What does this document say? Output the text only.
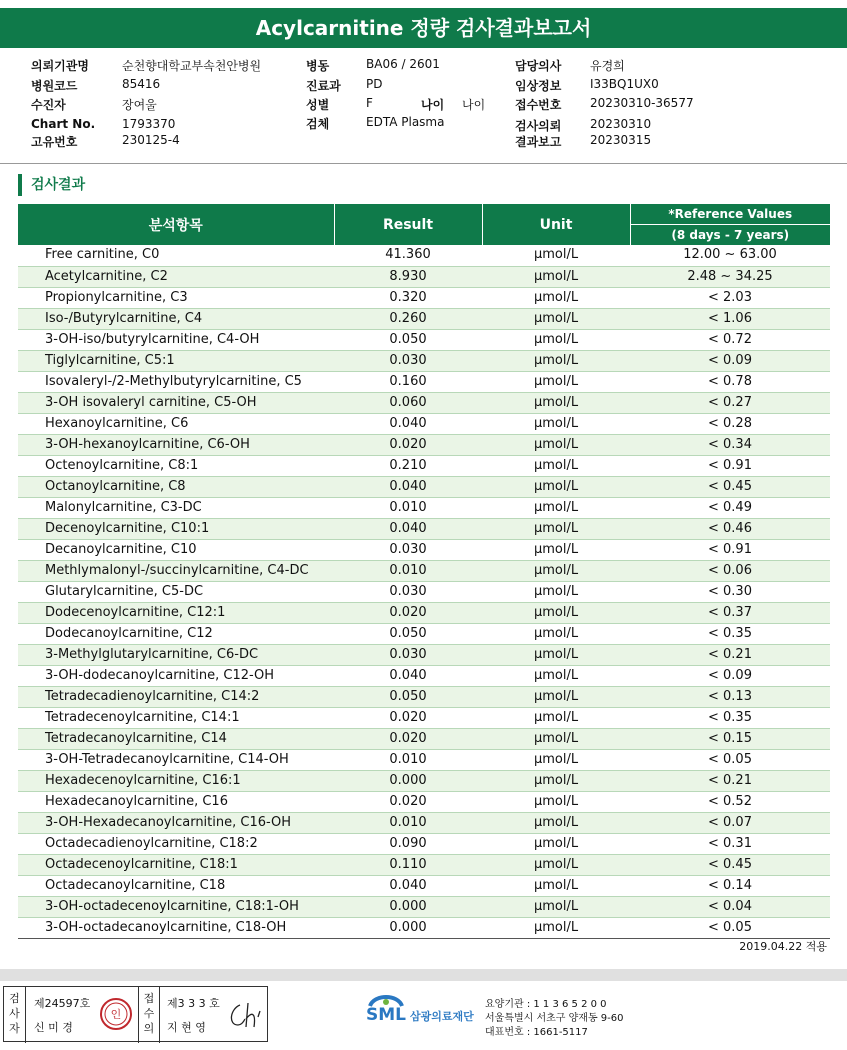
Acylcarnitine 정량 검사결과보고서
의뢰기관명	순천향대학교부속천안병원
병원코드	85416
수진자	장여울
Chart No. 1793370
고유번호	230125-4
병동	BA06 / 2601
진료과 PD
성별	F	나이 나이
검체	EDTA Plasma
담당의사 유경희
임상정보 I33BQ1UX0
접수번호 20230310-36577
검사의뢰 20230310
결과보고 20230315
검사결과
분석항목	Result	Unit	*Reference Values
			(8 days - 7 years)
Free carnitine, C0	41.360	μmol/L	12.00 ~ 63.00
Acetylcarnitine, C2	8.930	μmol/L	2.48 ~ 34.25
Propionylcarnitine, C3	0.320	μmol/L	< 2.03
Iso-/Butyrylcarnitine, C4	0.260	μmol/L	< 1.06
3-OH-iso/butyrylcarnitine, C4-OH	0.050	μmol/L	< 0.72
Tiglylcarnitine, C5:1	0.030	μmol/L	< 0.09
Isovaleryl-/2-Methylbutyrylcarnitine, C5	0.160	μmol/L	< 0.78
3-OH isovaleryl carnitine, C5-OH	0.060	μmol/L	< 0.27
Hexanoylcarnitine, C6	0.040	μmol/L	< 0.28
3-OH-hexanoylcarnitine, C6-OH	0.020	μmol/L	< 0.34
Octenoylcarnitine, C8:1	0.210	μmol/L	< 0.91
Octanoylcarnitine, C8	0.040	μmol/L	< 0.45
Malonylcarnitine, C3-DC	0.010	μmol/L	< 0.49
Decenoylcarnitine, C10:1	0.040	μmol/L	< 0.46
Decanoylcarnitine, C10	0.030	μmol/L	< 0.91
Methlymalonyl-/succinylcarnitine, C4-DC	0.010	μmol/L	< 0.06
Glutarylcarnitine, C5-DC	0.030	μmol/L	< 0.30
Dodecenoylcarnitine, C12:1	0.020	μmol/L	< 0.37
Dodecanoylcarnitine, C12	0.050	μmol/L	< 0.35
3-Methylglutarylcarnitine, C6-DC	0.030	μmol/L	< 0.21
3-OH-dodecanoylcarnitine, C12-OH	0.040	μmol/L	< 0.09
Tetradecadienoylcarnitine, C14:2	0.050	μmol/L	< 0.13
Tetradecenoylcarnitine, C14:1	0.020	μmol/L	< 0.35
Tetradecanoylcarnitine, C14	0.020	μmol/L	< 0.15
3-OH-Tetradecanoylcarnitine, C14-OH	0.010	μmol/L	< 0.05
Hexadecenoylcarnitine, C16:1	0.000	μmol/L	< 0.21
Hexadecanoylcarnitine, C16	0.020	μmol/L	< 0.52
3-OH-Hexadecanoylcarnitine, C16-OH	0.010	μmol/L	< 0.07
Octadecadienoylcarnitine, C18:2	0.090	μmol/L	< 0.31
Octadecenoylcarnitine, C18:1	0.110	μmol/L	< 0.45
Octadecanoylcarnitine, C18	0.040	μmol/L	< 0.14
3-OH-octadecenoylcarnitine, C18:1-OH	0.000	μmol/L	< 0.04
3-OH-octadecanoylcarnitine, C18-OH	0.000	μmol/L	< 0.05
2019.04.22 적용
검사자
제24597호
신 미 경
인
접수의
제3 3 3 호
지 현 영
SML 삼광의료재단
요양기관 : 1 1 3 6 5 2 0 0
서울특별시 서초구 양재동 9-60
대표번호 : 1661-5117
